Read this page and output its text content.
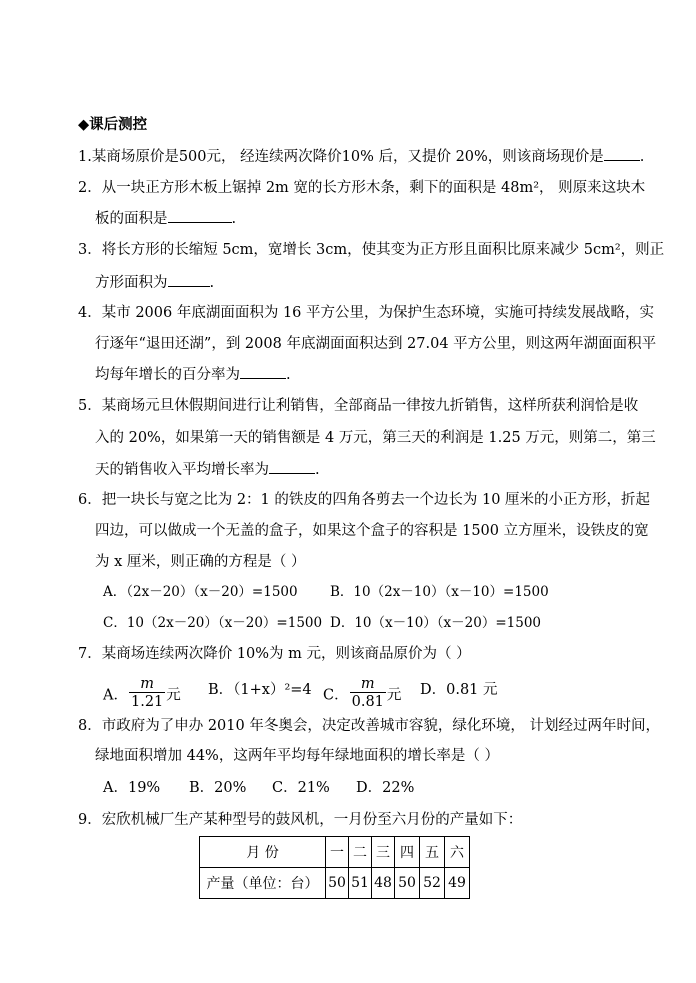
◆课后测控
1.某商场原价是500元， 经连续两次降价10% 后，又提价 20%，则该商场现价是 .
2．从一块正方形木板上锯掉 2m 宽的长方形木条，剩下的面积是 48m²， 则原来这块木
板的面积是	.
3．将长方形的长缩短 5cm，宽增长 3cm，使其变为正方形且面积比原来减少 5cm²，则正
方形面积为	.
4．某市 2006 年底湖面面积为 16 平方公里，为保护生态环境，实施可持续发展战略，实
行逐年“退田还湖”，到 2008 年底湖面面积达到 27.04 平方公里，则这两年湖面面积平
均每年增长的百分率为	.
5．某商场元旦休假期间进行让利销售，全部商品一律按九折销售，这样所获利润恰是收
入的 20%，如果第一天的销售额是 4 万元，第三天的利润是 1.25 万元，则第二，第三
天的销售收入平均增长率为	.
6．把一块长与宽之比为 2：1 的铁皮的四角各剪去一个边长为 10 厘米的小正方形，折起
四边，可以做成一个无盖的盒子，如果这个盒子的容积是 1500 立方厘米，设铁皮的宽
为 x 厘米，则正确的方程是（ ）
A．（2x－20）（x－20）=1500 B．10（2x－10）（x－10）=1500
C．10（2x－20）（x－20）=1500 D．10（x－10）（x－20）=1500
7．某商场连续两次降价 10%为 m 元，则该商品原价为（ ）
A． $\frac{m}{1.21}$ 元 B．（1+x）²=4 C． $\frac{m}{0.81}$ 元 D．0.81 元
8．市政府为了申办 2010 年冬奥会，决定改善城市容貌，绿化环境， 计划经过两年时间，
绿地面积增加 44%，这两年平均每年绿地面积的增长率是（ ）
A．19% B．20% C．21% D．22%
9．宏欣机械厂生产某种型号的鼓风机，一月份至六月份的产量如下：
月 份	一	二	三	四	五	六
产量（单位：台）	50	51	48	50	52	49
